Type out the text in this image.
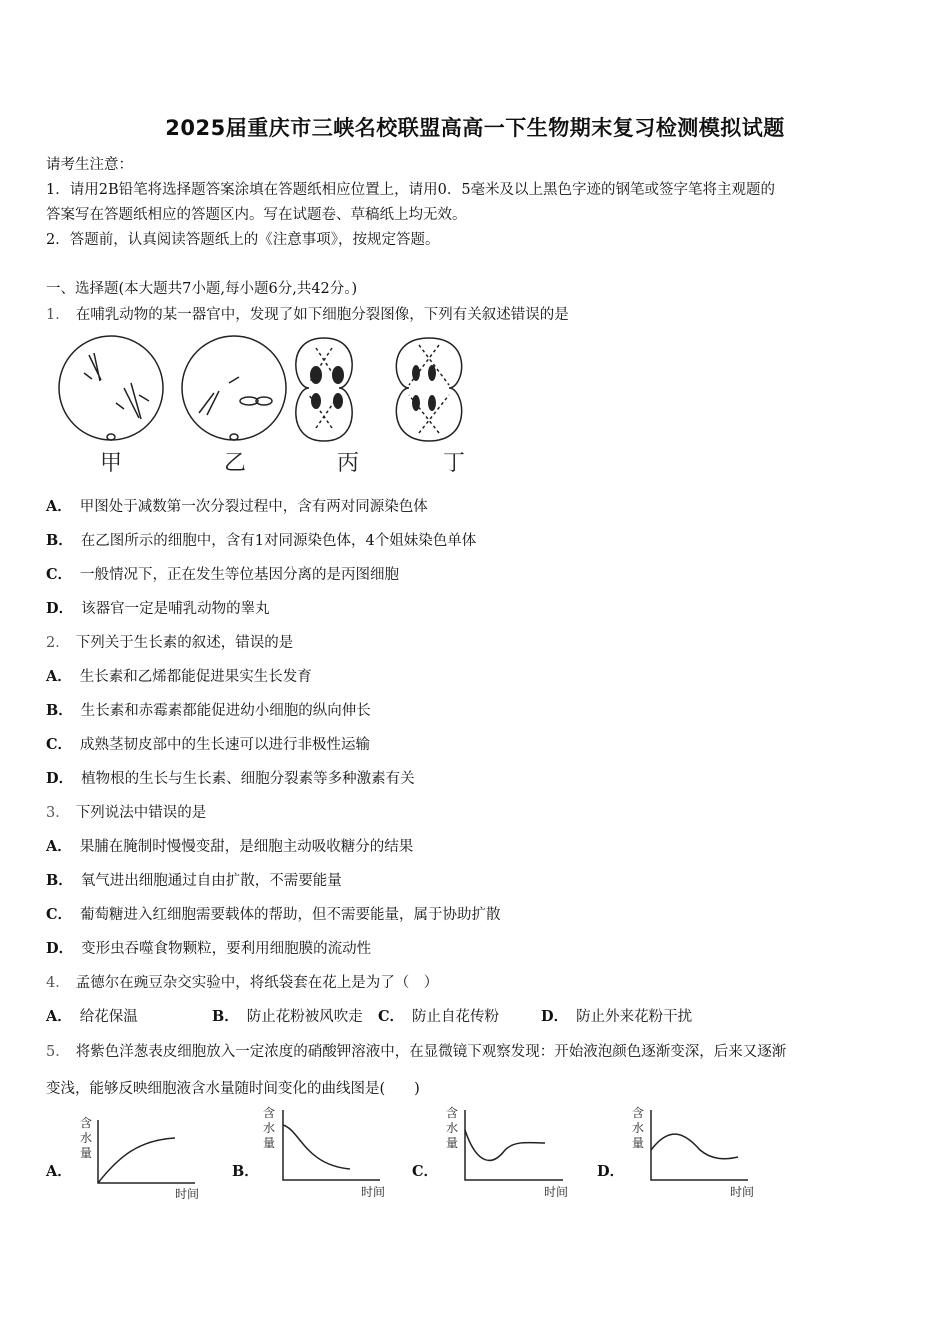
2025届重庆市三峡名校联盟高高一下生物期末复习检测模拟试题
请考生注意：
1．请用2B铅笔将选择题答案涂填在答题纸相应位置上，请用0．5毫米及以上黑色字迹的钢笔或签字笔将主观题的
答案写在答题纸相应的答题区内。写在试题卷、草稿纸上均无效。
2．答题前，认真阅读答题纸上的《注意事项》，按规定答题。
一、选择题(本大题共7小题,每小题6分,共42分。)
1． 在哺乳动物的某一器官中，发现了如下细胞分裂图像，下列有关叙述错误的是
甲	乙	丙	丁
A． 甲图处于减数第一次分裂过程中，含有两对同源染色体
B． 在乙图所示的细胞中，含有1对同源染色体，4个姐妹染色单体
C． 一般情况下，正在发生等位基因分离的是丙图细胞
D． 该器官一定是哺乳动物的睾丸
2． 下列关于生长素的叙述，错误的是
A． 生长素和乙烯都能促进果实生长发育
B． 生长素和赤霉素都能促进幼小细胞的纵向伸长
C． 成熟茎韧皮部中的生长速可以进行非极性运输
D． 植物根的生长与生长素、细胞分裂素等多种激素有关
3． 下列说法中错误的是
A． 果脯在腌制时慢慢变甜，是细胞主动吸收糖分的结果
B． 氧气进出细胞通过自由扩散，不需要能量
C． 葡萄糖进入红细胞需要载体的帮助，但不需要能量，属于协助扩散
D． 变形虫吞噬食物颗粒，要利用细胞膜的流动性
4． 孟德尔在豌豆杂交实验中，将纸袋套在花上是为了（　）
A． 给花保温	B． 防止花粉被风吹走 C． 防止自花传粉	D． 防止外来花粉干扰
5． 将紫色洋葱表皮细胞放入一定浓度的硝酸钾溶液中，在显微镜下观察发现：开始液泡颜色逐渐变深，后来又逐渐
变浅，能够反映细胞液含水量随时间变化的曲线图是(　　)
A．	B．	C．	D．
含
水
量
时间
含
水
量
时间
含
水
量
时间
含
水
量
时间
